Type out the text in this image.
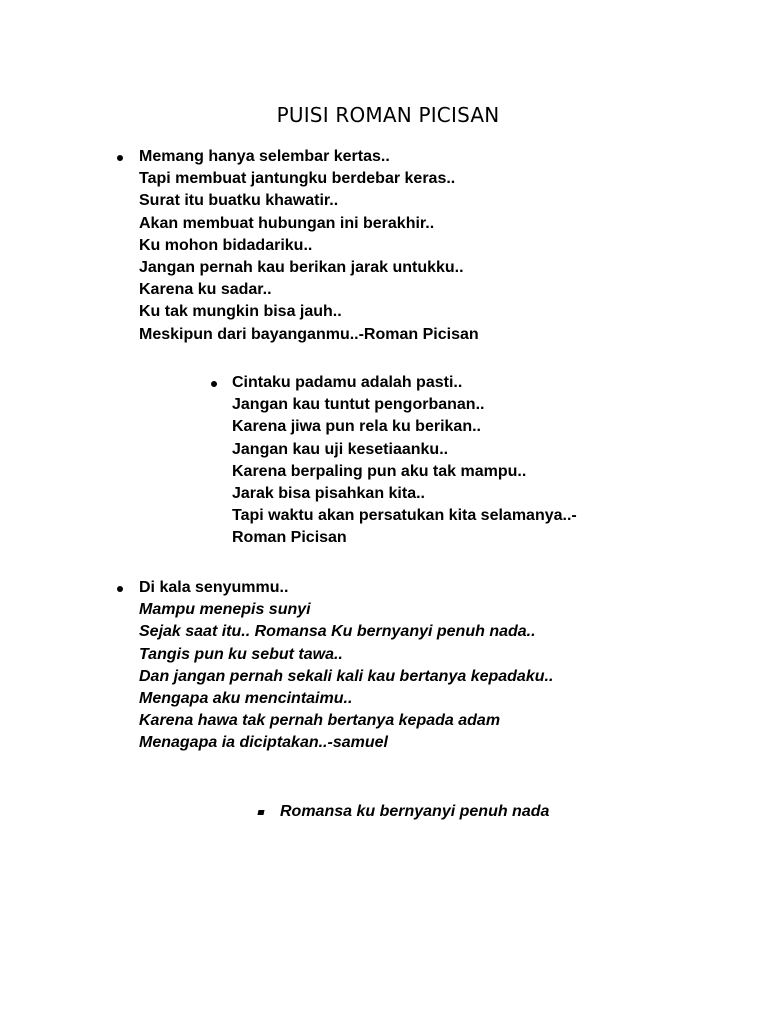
PUISI ROMAN PICISAN
Memang hanya selembar kertas..
Tapi membuat jantungku berdebar keras..
Surat itu buatku khawatir..
Akan membuat hubungan ini berakhir..
Ku mohon bidadariku..
Jangan pernah kau berikan jarak untukku..
Karena ku sadar..
Ku tak mungkin bisa jauh..
Meskipun dari bayanganmu..-Roman Picisan
Cintaku padamu adalah pasti..
Jangan kau tuntut pengorbanan..
Karena jiwa pun rela ku berikan..
Jangan kau uji kesetiaanku..
Karena berpaling pun aku tak mampu..
Jarak bisa pisahkan kita..
Tapi waktu akan persatukan kita selamanya..-
Roman Picisan
Di kala senyummu..
Mampu menepis sunyi
Sejak saat itu.. Romansa Ku bernyanyi penuh nada..
Tangis pun ku sebut tawa..
Dan jangan pernah sekali kali kau bertanya kepadaku..
Mengapa aku mencintaimu..
Karena hawa tak pernah bertanya kepada adam
Menagapa ia diciptakan..-samuel
Romansa ku bernyanyi penuh nada
